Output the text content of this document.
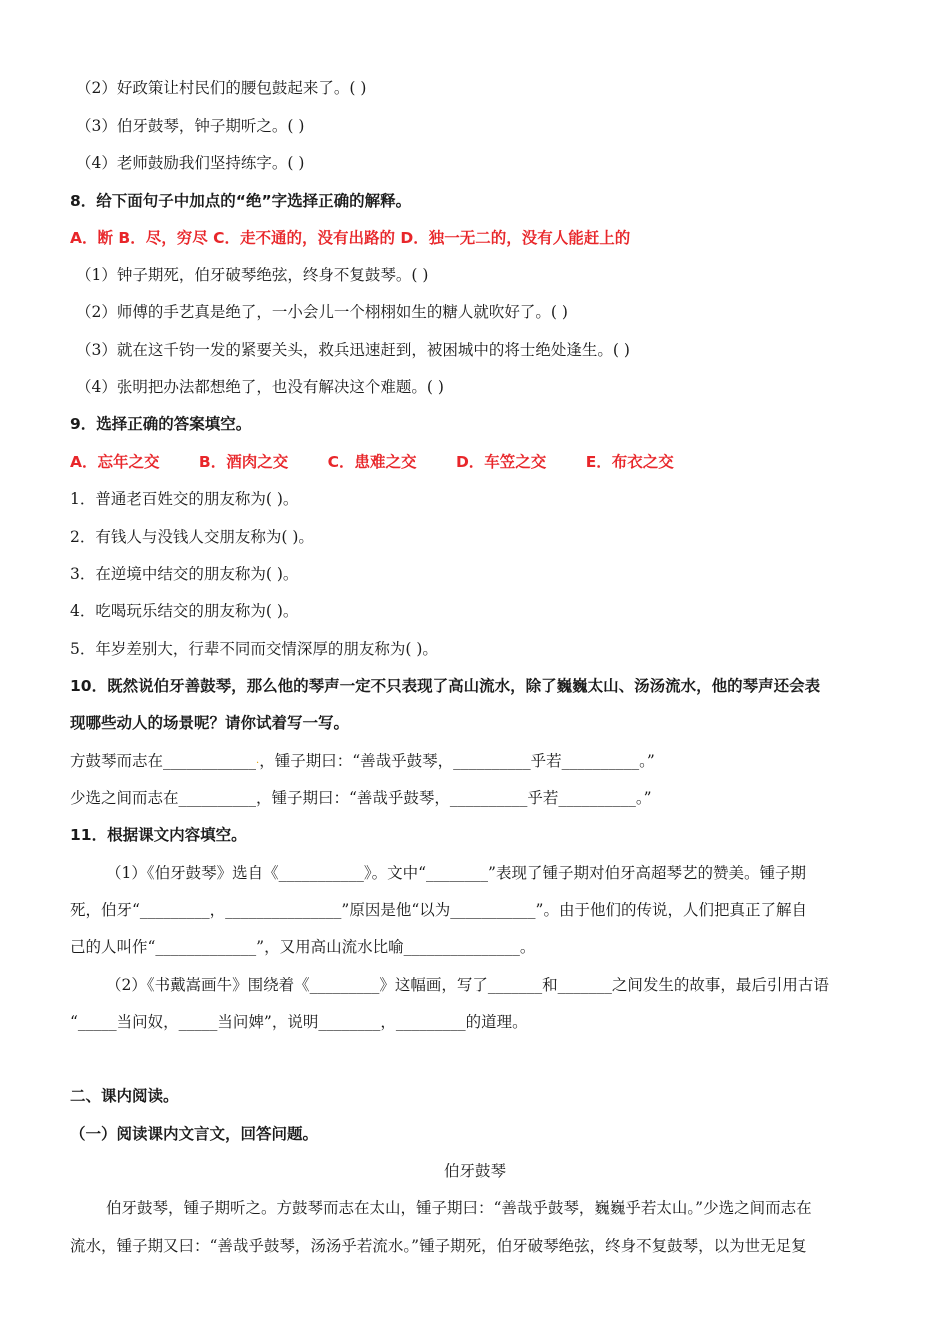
（2）好政策让村民们的腰包鼓起来了。( )
（3）伯牙鼓琴，钟子期听之。( )
（4）老师鼓励我们坚持练字。( )
8．给下面句子中加点的“绝”字选择正确的解释。
A．断 B．尽，穷尽 C．走不通的，没有出路的 D．独一无二的，没有人能赶上的
（1）钟子期死，伯牙破琴绝弦，终身不复鼓琴。( )
（2）师傅的手艺真是绝了，一小会儿一个栩栩如生的糖人就吹好了。( )
（3）就在这千钧一发的紧要关头，救兵迅速赶到，被困城中的将士绝处逢生。( )
（4）张明把办法都想绝了，也没有解决这个难题。( )
9．选择正确的答案填空。
A．忘年之交	B．酒肉之交	C．患难之交	D．车笠之交	E．布衣之交
1．普通老百姓交的朋友称为( )。
2．有钱人与没钱人交朋友称为( )。
3．在逆境中结交的朋友称为( )。
4．吃喝玩乐结交的朋友称为( )。
5．年岁差别大，行辈不同而交情深厚的朋友称为( )。
10．既然说伯牙善鼓琴，那么他的琴声一定不只表现了高山流水，除了巍巍太山、汤汤流水，他的琴声还会表
现哪些动人的场景呢？请你试着写一写。
方鼓琴而志在____________·，锺子期曰：“善哉乎鼓琴，__________乎若__________。”
少选之间而志在__________，锺子期曰：“善哉乎鼓琴，__________乎若__________。”
11．根据课文内容填空。
（1）《伯牙鼓琴》选自《___________》。文中“________”表现了锺子期对伯牙高超琴艺的赞美。锺子期
死，伯牙“_________，_______________”原因是他“以为___________”。由于他们的传说，人们把真正了解自
己的人叫作“_____________”，又用高山流水比喻_______________。
（2）《书戴嵩画牛》围绕着《_________》这幅画，写了_______和_______之间发生的故事，最后引用古语
“_____当问奴，_____当问婢”，说明________，_________的道理。
二、课内阅读。
（一）阅读课内文言文，回答问题。
伯牙鼓琴
伯牙鼓琴，锺子期听之。方鼓琴而志在太山，锺子期曰：“善哉乎鼓琴，巍巍乎若太山。”少选之间而志在
流水，锺子期又曰：“善哉乎鼓琴，汤汤乎若流水。”锺子期死，伯牙破琴绝弦，终身不复鼓琴，以为世无足复
